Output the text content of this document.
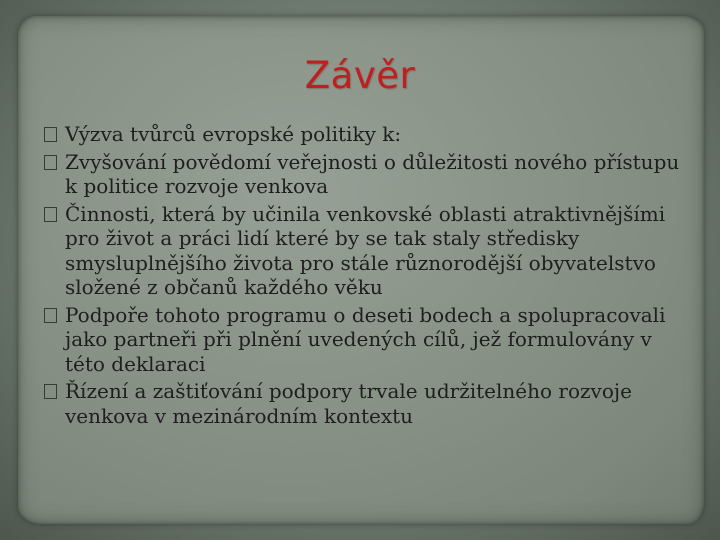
Závěr
Výzva tvůrců evropské politiky k:
Zvyšování povědomí veřejnosti o důležitosti nového přístupu k politice rozvoje venkova
Činnosti, která by učinila venkovské oblasti atraktivnějšími pro život a práci lidí které by se tak staly středisky smysluplnějšího života pro stále různorodější obyvatelstvo složené z občanů každého věku
Podpoře tohoto programu o deseti bodech a spolupracovali jako partneři při plnění uvedených cílů, jež formulovány v této deklaraci
Řízení a zaštiťování podpory trvale udržitelného rozvoje venkova v mezinárodním kontextu
